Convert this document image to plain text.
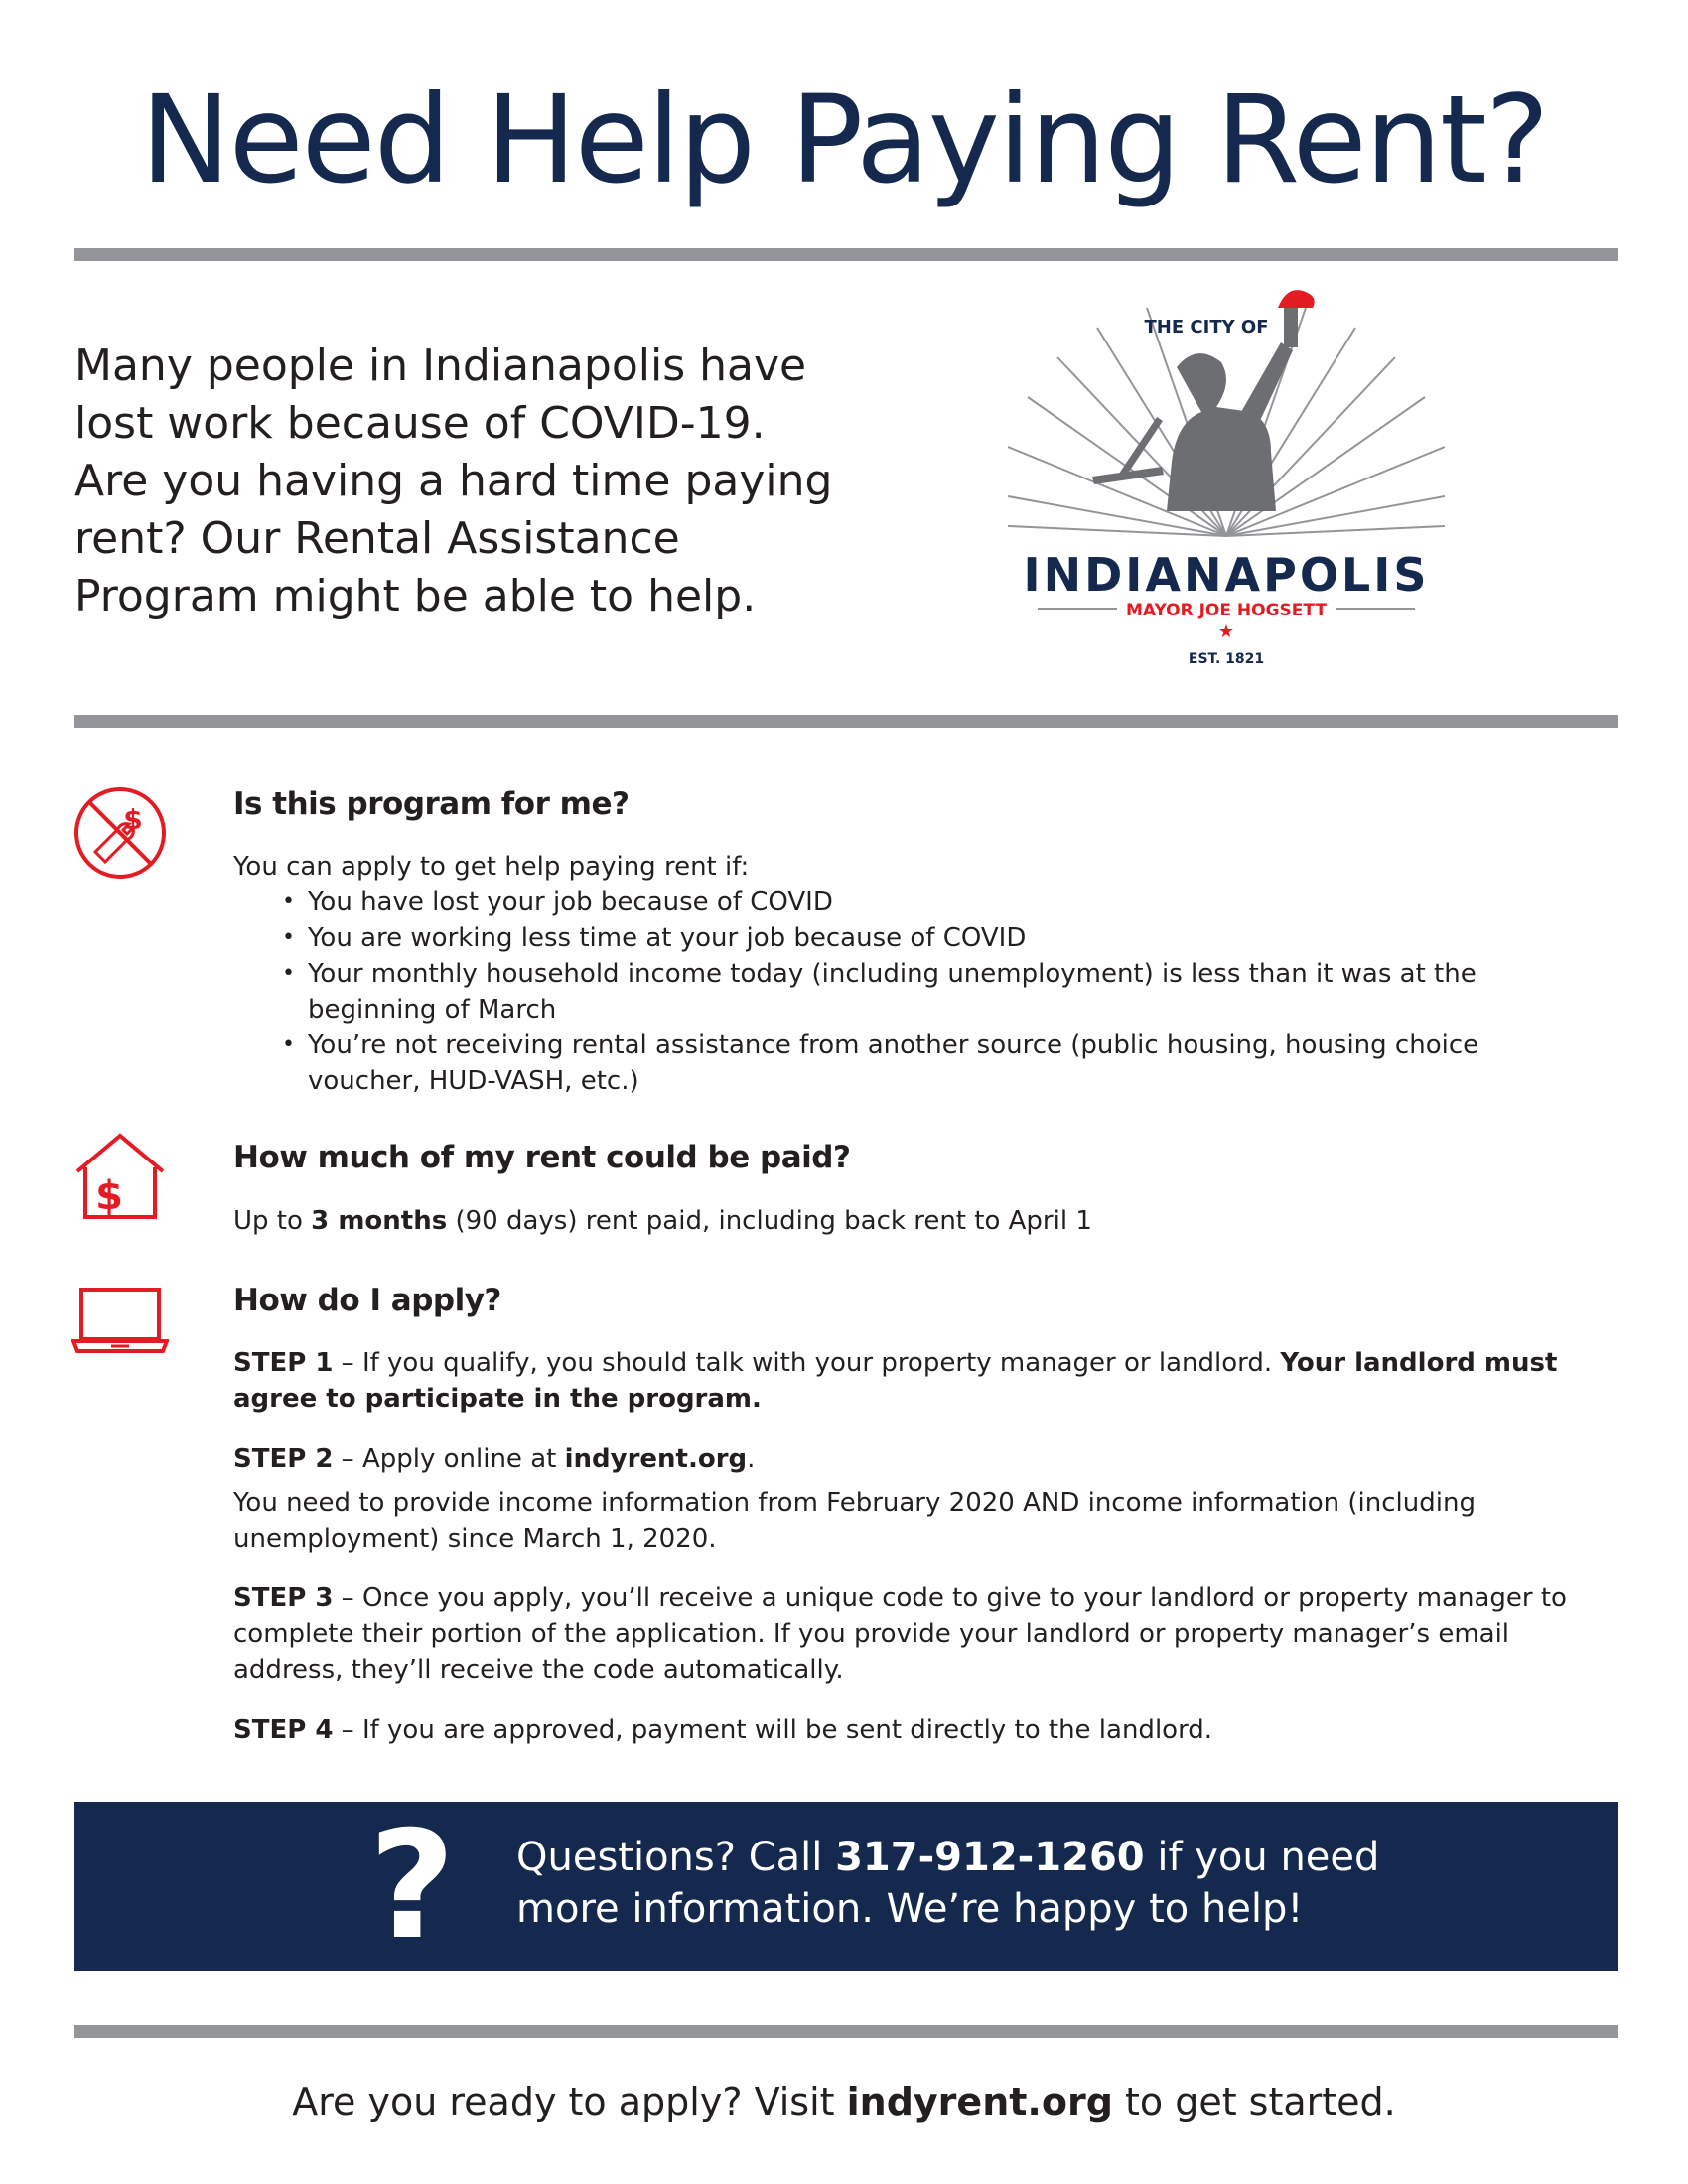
Need Help Paying Rent?

Many people in Indianapolis have

lost work because of COVID-19.

Are you having a hard time paying

rent? Our Rental Assistance

Program might be able to help.

THE CITY OF
INDIANAPOLIS
MAYOR JOE HOGSETT
★
EST. 1821
$	Is this program for me?

You can apply to get help paying rent if:

• You have lost your job because of COVID
• You are working less time at your job because of COVID
• Your monthly household income today (including unemployment) is less than it was at the beginning of March
• You’re not receiving rental assistance from another source (public housing, housing choice voucher, HUD-VASH, etc.)
$
How much of my rent could be paid?
Up to 3 months (90 days) rent paid, including back rent to April 1
How do I apply?
STEP 1 – If you qualify, you should talk with your property manager or landlord. Your landlord must agree to participate in the program.

STEP 2 – Apply online at indyrent.org.

You need to provide income information from February 2020 AND income information (including unemployment) since March 1, 2020.

STEP 3 – Once you apply, you’ll receive a unique code to give to your landlord or property manager to complete their portion of the application. If you provide your landlord or property manager’s email address, they’ll receive the code automatically.
STEP 4 – If you are approved, payment will be sent directly to the landlord.
? Questions? Call 317-912-1260 if you need

more information. We’re happy to help!

Are you ready to apply? Visit indyrent.org to get started.
